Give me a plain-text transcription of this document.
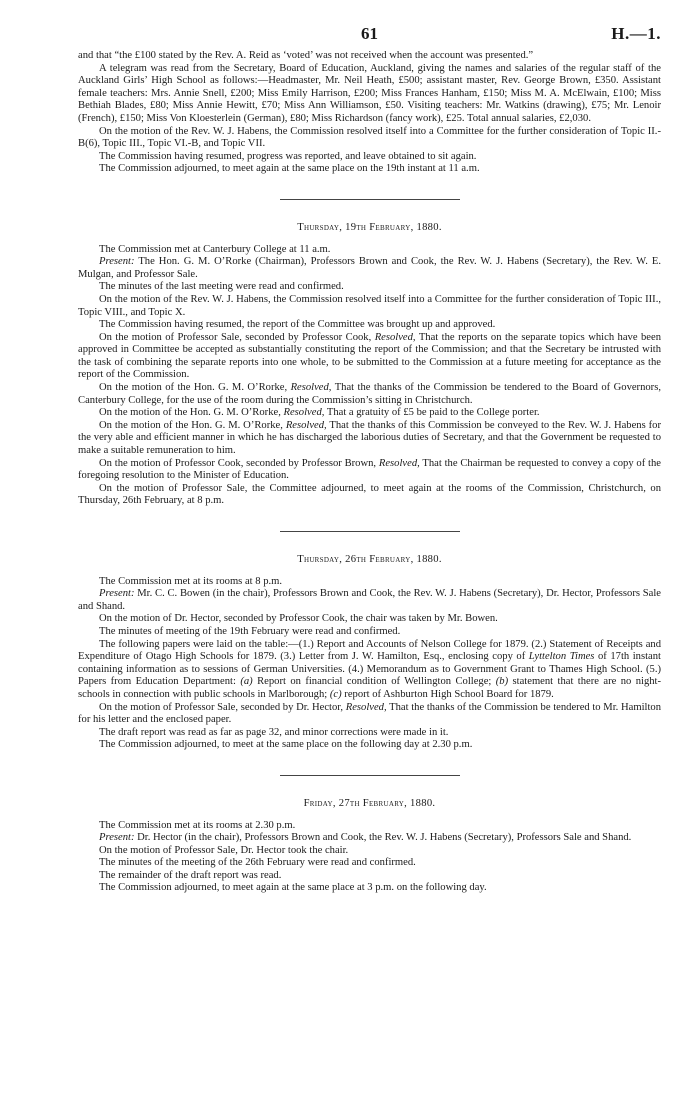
61	H.—1.

and that “the £100 stated by the Rev. A. Reid as ‘voted’ was not received when the account was presented.”

A telegram was read from the Secretary, Board of Education, Auckland, giving the names and salaries of the regular staff of the Auckland Girls’ High School as follows:—Headmaster, Mr. Neil Heath, £500; assistant master, Rev. George Brown, £350. Assistant female teachers: Mrs. Annie Snell, £200; Miss Emily Harrison, £200; Miss Frances Hanham, £150; Miss M. A. McElwain, £100; Miss Bethiah Blades, £80; Miss Annie Hewitt, £70; Miss Ann Williamson, £50. Visiting teachers: Mr. Watkins (drawing), £75; Mr. Lenoir (French), £150; Miss Von Kloesterlein (German), £80; Miss Richardson (fancy work), £25. Total annual salaries, £2,030.

On the motion of the Rev. W. J. Habens, the Commission resolved itself into a Committee for the further consideration of Topic II.-B(6), Topic III., Topic VI.-B, and Topic VII.

The Commission having resumed, progress was reported, and leave obtained to sit again.

The Commission adjourned, to meet again at the same place on the 19th instant at 11 a.m.

Thursday, 19th February, 1880.

The Commission met at Canterbury College at 11 a.m.

Present: The Hon. G. M. O’Rorke (Chairman), Professors Brown and Cook, the Rev. W. J. Habens (Secretary), the Rev. W. E. Mulgan, and Professor Sale.

The minutes of the last meeting were read and confirmed.

On the motion of the Rev. W. J. Habens, the Commission resolved itself into a Committee for the further consideration of Topic III., Topic VIII., and Topic X.

The Commission having resumed, the report of the Committee was brought up and approved.

On the motion of Professor Sale, seconded by Professor Cook, Resolved, That the reports on the separate topics which have been approved in Committee be accepted as substantially constituting the report of the Commission; and that the Secretary be intrusted with the task of combining the separate reports into one whole, to be submitted to the Commission at a future meeting for acceptance as the report of the Commission.

On the motion of the Hon. G. M. O’Rorke, Resolved, That the thanks of the Commission be tendered to the Board of Governors, Canterbury College, for the use of the room during the Commission’s sitting in Christchurch.

On the motion of the Hon. G. M. O’Rorke, Resolved, That a gratuity of £5 be paid to the College porter.

On the motion of the Hon. G. M. O’Rorke, Resolved, That the thanks of this Commission be conveyed to the Rev. W. J. Habens for the very able and efficient manner in which he has discharged the laborious duties of Secretary, and that the Government be requested to make a suitable remuneration to him.

On the motion of Professor Cook, seconded by Professor Brown, Resolved, That the Chairman be requested to convey a copy of the foregoing resolution to the Minister of Education.

On the motion of Professor Sale, the Committee adjourned, to meet again at the rooms of the Commission, Christchurch, on Thursday, 26th February, at 8 p.m.

Thursday, 26th February, 1880.

The Commission met at its rooms at 8 p.m.

Present: Mr. C. C. Bowen (in the chair), Professors Brown and Cook, the Rev. W. J. Habens (Secretary), Dr. Hector, Professors Sale and Shand.

On the motion of Dr. Hector, seconded by Professor Cook, the chair was taken by Mr. Bowen.

The minutes of meeting of the 19th February were read and confirmed.

The following papers were laid on the table:—(1.) Report and Accounts of Nelson College for 1879. (2.) Statement of Receipts and Expenditure of Otago High Schools for 1879. (3.) Letter from J. W. Hamilton, Esq., enclosing copy of Lyttelton Times of 17th instant containing information as to sessions of German Universities. (4.) Memorandum as to Government Grant to Thames High School. (5.) Papers from Education Department: (a) Report on financial condition of Wellington College; (b) statement that there are no night-schools in connection with public schools in Marlborough; (c) report of Ashburton High School Board for 1879.

On the motion of Professor Sale, seconded by Dr. Hector, Resolved, That the thanks of the Commission be tendered to Mr. Hamilton for his letter and the enclosed paper.

The draft report was read as far as page 32, and minor corrections were made in it.

The Commission adjourned, to meet at the same place on the following day at 2.30 p.m.

Friday, 27th February, 1880.

The Commission met at its rooms at 2.30 p.m.

Present: Dr. Hector (in the chair), Professors Brown and Cook, the Rev. W. J. Habens (Secretary), Professors Sale and Shand.

On the motion of Professor Sale, Dr. Hector took the chair.

The minutes of the meeting of the 26th February were read and confirmed.

The remainder of the draft report was read.

The Commission adjourned, to meet again at the same place at 3 p.m. on the following day.
